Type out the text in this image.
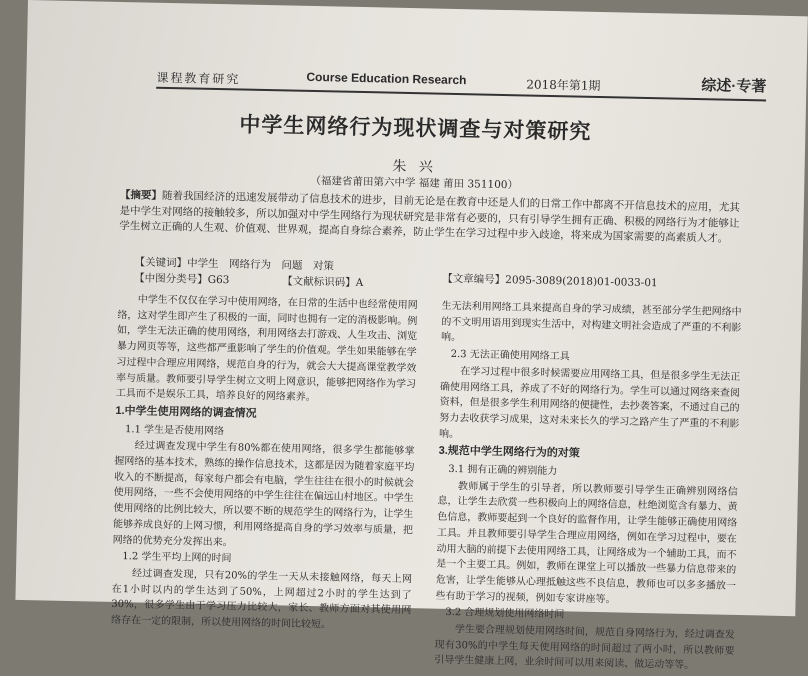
课程教育研究	Course Education Research	2018年第1期	综述·专著
中学生网络行为现状调查与对策研究
朱 兴
（福建省莆田第六中学 福建 莆田 351100）
【摘要】随着我国经济的迅速发展带动了信息技术的进步，目前无论是在教育中还是人们的日常工作中都离不开信息技术的应用，尤其是中学生对网络的接触较多，所以加强对中学生网络行为现状研究是非常有必要的，只有引导学生拥有正确、积极的网络行为才能够让学生树立正确的人生观、价值观、世界观，提高自身综合素养，防止学生在学习过程中步入歧途，将来成为国家需要的高素质人才。
【关键词】中学生　网络行为　问题　对策
【中图分类号】G63	【文献标识码】A	【文章编号】2095-3089(2018)01-0033-01

中学生不仅仅在学习中使用网络，在日常的生活中也经常使用网络，这对学生即产生了积极的一面，同时也拥有一定的消极影响。例如，学生无法正确的使用网络，利用网络去打游戏、人生攻击、浏览暴力网页等等，这些都严重影响了学生的价值观。学生如果能够在学习过程中合理应用网络，规范自身的行为，就会大大提高课堂教学效率与质量。教师要引导学生树立文明上网意识，能够把网络作为学习工具而不是娱乐工具，培养良好的网络素养。

1.中学生使用网络的调查情况
1.1 学生是否使用网络

经过调查发现中学生有80%都在使用网络，很多学生都能够掌握网络的基本技术，熟练的操作信息技术，这都是因为随着家庭平均收入的不断提高，每家每户都会有电脑，学生往往在很小的时候就会使用网络，一些不会使用网络的中学生往往在偏远山村地区。中学生使用网络的比例比较大，所以要不断的规范学生的网络行为，让学生能够养成良好的上网习惯，利用网络提高自身的学习效率与质量，把网络的优势充分发挥出来。

1.2 学生平均上网的时间

经过调查发现，只有20%的学生一天从未接触网络，每天上网在1小时以内的学生达到了50%，上网超过2小时的学生达到了30%，很多学生由于学习压力比较大，家长、教师方面对其使用网络存在一定的限制，所以使用网络的时间比较短。

生无法利用网络工具来提高自身的学习成绩，甚至部分学生把网络中的不文明用语用到现实生活中，对构建文明社会造成了严重的不利影响。

2.3 无法正确使用网络工具

在学习过程中很多时候需要应用网络工具，但是很多学生无法正确使用网络工具，养成了不好的网络行为。学生可以通过网络来查阅资料，但是很多学生利用网络的便捷性，去抄袭答案，不通过自己的努力去收获学习成果，这对未来长久的学习之路产生了严重的不利影响。

3.规范中学生网络行为的对策
3.1 拥有正确的辨别能力

教师属于学生的引导者，所以教师要引导学生正确辨别网络信息，让学生去欣赏一些积极向上的网络信息，杜绝浏览含有暴力、黄色信息，教师要起到一个良好的监督作用，让学生能够正确使用网络工具。并且教师要引导学生合理应用网络，例如在学习过程中，要在动用大脑的前提下去使用网络工具，让网络成为一个辅助工具，而不是一个主要工具。例如，教师在课堂上可以播放一些暴力信息带来的危害，让学生能够从心理抵触这些不良信息，教师也可以多多播放一些有助于学习的视频，例如专家讲座等。

3.2 合理规划使用网络时间

学生要合理规划使用网络时间，规范自身网络行为，经过调查发现有30%的中学生每天使用网络的时间超过了两小时，所以教师要引导学生健康上网，业余时间可以用来阅读、做运动等等。
